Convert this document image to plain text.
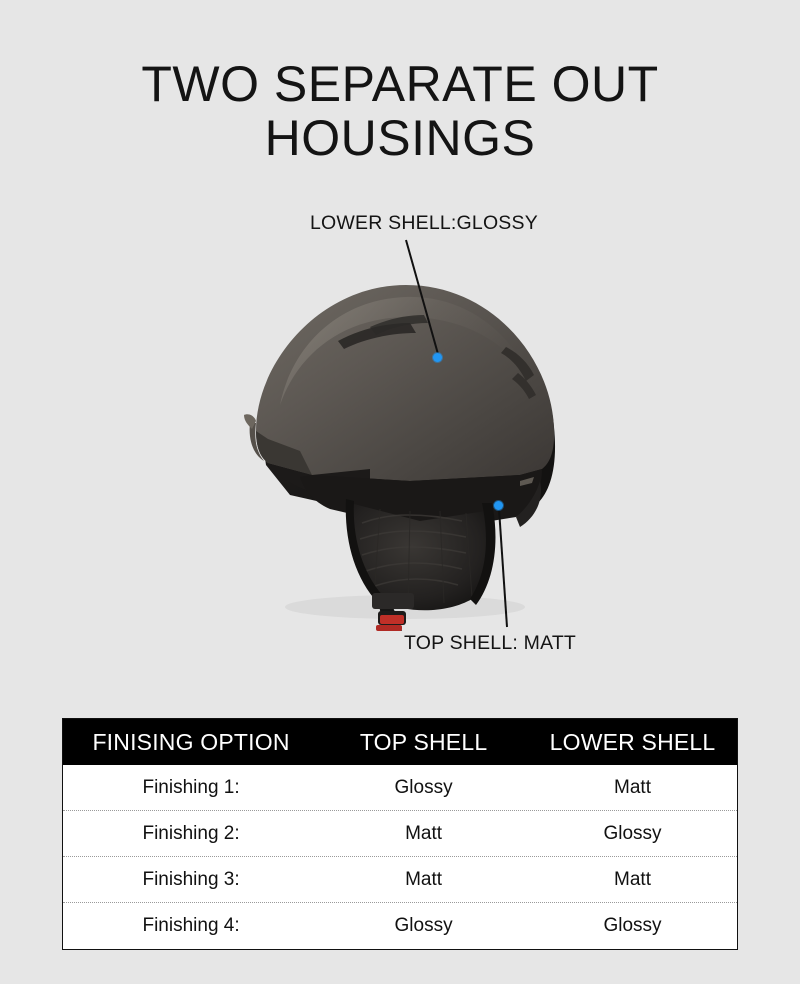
TWO SEPARATE OUT
HOUSINGS
LOWER SHELL:GLOSSY
TOP SHELL: MATT
FINISING OPTION	TOP SHELL	LOWER SHELL
Finishing 1:	Glossy	Matt
Finishing 2:	Matt	Glossy
Finishing 3:	Matt	Matt
Finishing 4:	Glossy	Glossy
